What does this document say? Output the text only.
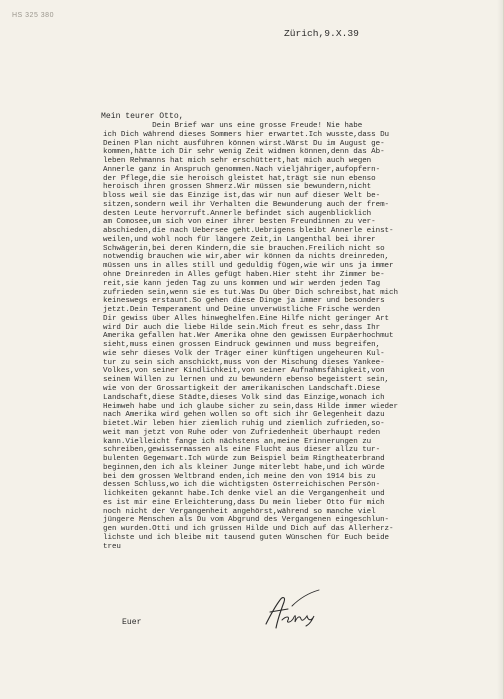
HS 325 380
Zürich,9.X.39
Mein teurer Otto,
Dein Brief war uns eine grosse Freude! Nie habe
ich Dich während dieses Sommers hier erwartet.Ich wusste,dass Du
Deinen Plan nicht ausführen können wirst.Wärst Du im August ge-
kommen,hätte ich Dir sehr wenig Zeit widmen können,denn das Ab-
leben Rehmanns hat mich sehr erschüttert,hat mich auch wegen
Annerle ganz in Anspruch genommen.Nach vieljähriger,aufopfern-
der Pflege,die sie heroisch gleistet hat,trägt sie nun ebenso
heroisch ihren grossen Shmerz.Wir müssen sie bewundern,nicht
bloss weil sie das Einzige ist,das wir nun auf dieser Welt be-
sitzen,sondern weil ihr Verhalten die Bewunderung auch der frem-
desten Leute hervorruft.Annerle befindet sich augenblicklich
am Comosee,um sich von einer ihrer besten Freundinnen zu ver-
abschieden,die nach Uebersee geht.Uebrigens bleibt Annerle einst-
weilen,und wohl noch für längere Zeit,in Langenthal bei ihrer
Schwägerin,bei deren Kindern,die sie brauchen.Freilich nicht so
notwendig brauchen wie wir,aber wir können da nichts dreinreden,
müssen uns in alles still und geduldig fügen,wie wir uns ja immer
ohne Dreinreden in Alles gefügt haben.Hier steht ihr Zimmer be-
reit,sie kann jeden Tag zu uns kommen und wir werden jeden Tag
zufrieden sein,wenn sie es tut.Was Du über Dich schreibst,hat mich
keineswegs erstaunt.So gehen diese Dinge ja immer und besonders
jetzt.Dein Temperament und Deine unverwüstliche Frische werden
Dir gewiss über Alles hinweghelfen.Eine Hilfe nicht geringer Art
wird Dir auch die liebe Hilde sein.Mich freut es sehr,dass Ihr
Amerika gefallen hat.Wer Amerika ohne den gewissen Eurpäerhochmut
sieht,muss einen grossen Eindruck gewinnen und muss begreifen,
wie sehr dieses Volk der Träger einer künftigen ungeheuren Kul-
tur zu sein sich anschickt,muss von der Mischung dieses Yankee-
Volkes,von seiner Kindlichkeit,von seiner Aufnahmsfähigkeit,von
seinem Willen zu lernen und zu bewundern ebenso begeistert sein,
wie von der Grossartigkeit der amerikanischen Landschaft.Diese
Landschaft,diese Städte,dieses Volk sind das Einzige,wonach ich
Heimweh habe und ich glaube sicher zu sein,dass Hilde immer wieder
nach Amerika wird gehen wollen so oft sich ihr Gelegenheit dazu
bietet.Wir leben hier ziemlich ruhig und ziemlich zufrieden,so-
weit man jetzt von Ruhe oder von Zufriedenheit überhaupt reden
kann.Vielleicht fange ich nächstens an,meine Erinnerungen zu
schreiben,gewissermassen als eine Flucht aus dieser allzu tur-
bulenten Gegenwart.Ich würde zum Beispiel beim Ringtheaterbrand
beginnen,den ich als kleiner Junge miterlebt habe,und ich würde
bei dem grossen Weltbrand enden,ich meine den von 1914 bis zu
dessen Schluss,wo ich die wichtigsten österreichischen Persön-
lichkeiten gekannt habe.Ich denke viel an die Vergangenheit und
es ist mir eine Erleichterung,dass Du mein lieber Otto für mich
noch nicht der Vergangenheit angehörst,während so manche viel
jüngere Menschen als Du vom Abgrund des Vergangenen eingeschlun-
gen wurden.Otti und ich grüssen Hilde und Dich auf das Allerherz-
lichste und ich bleibe mit tausend guten Wünschen für Euch beide
treu
Euer
